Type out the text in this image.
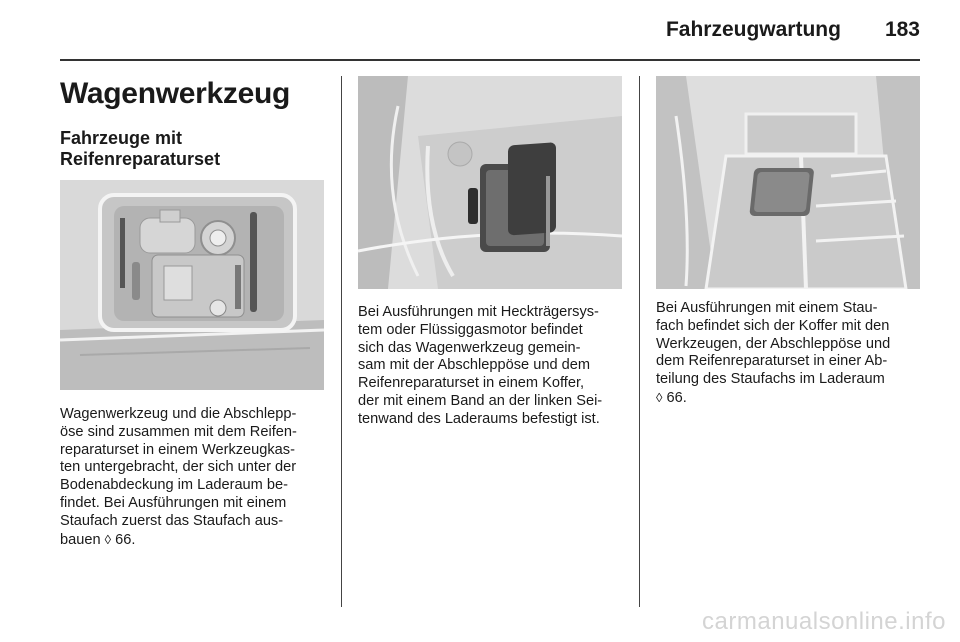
Fahrzeugwartung 183
Wagenwerkzeug
Fahrzeuge mit
Reifenreparaturset
Wagenwerkzeug und die Abschlepp-
öse sind zusammen mit dem Reifen-
reparaturset in einem Werkzeugkas-
ten untergebracht, der sich unter der
Bodenabdeckung im Laderaum be-
findet. Bei Ausführungen mit einem
Staufach zuerst das Staufach aus-
bauen ◊ 66.
Bei Ausführungen mit Heckträgersys-
tem oder Flüssiggasmotor befindet
sich das Wagenwerkzeug gemein-
sam mit der Abschleppöse und dem
Reifenreparaturset in einem Koffer,
der mit einem Band an der linken Sei-
tenwand des Laderaums befestigt ist.
Bei Ausführungen mit einem Stau-
fach befindet sich der Koffer mit den
Werkzeugen, der Abschleppöse und
dem Reifenreparaturset in einer Ab-
teilung des Staufachs im Laderaum
◊ 66.
carmanualsonline.info
